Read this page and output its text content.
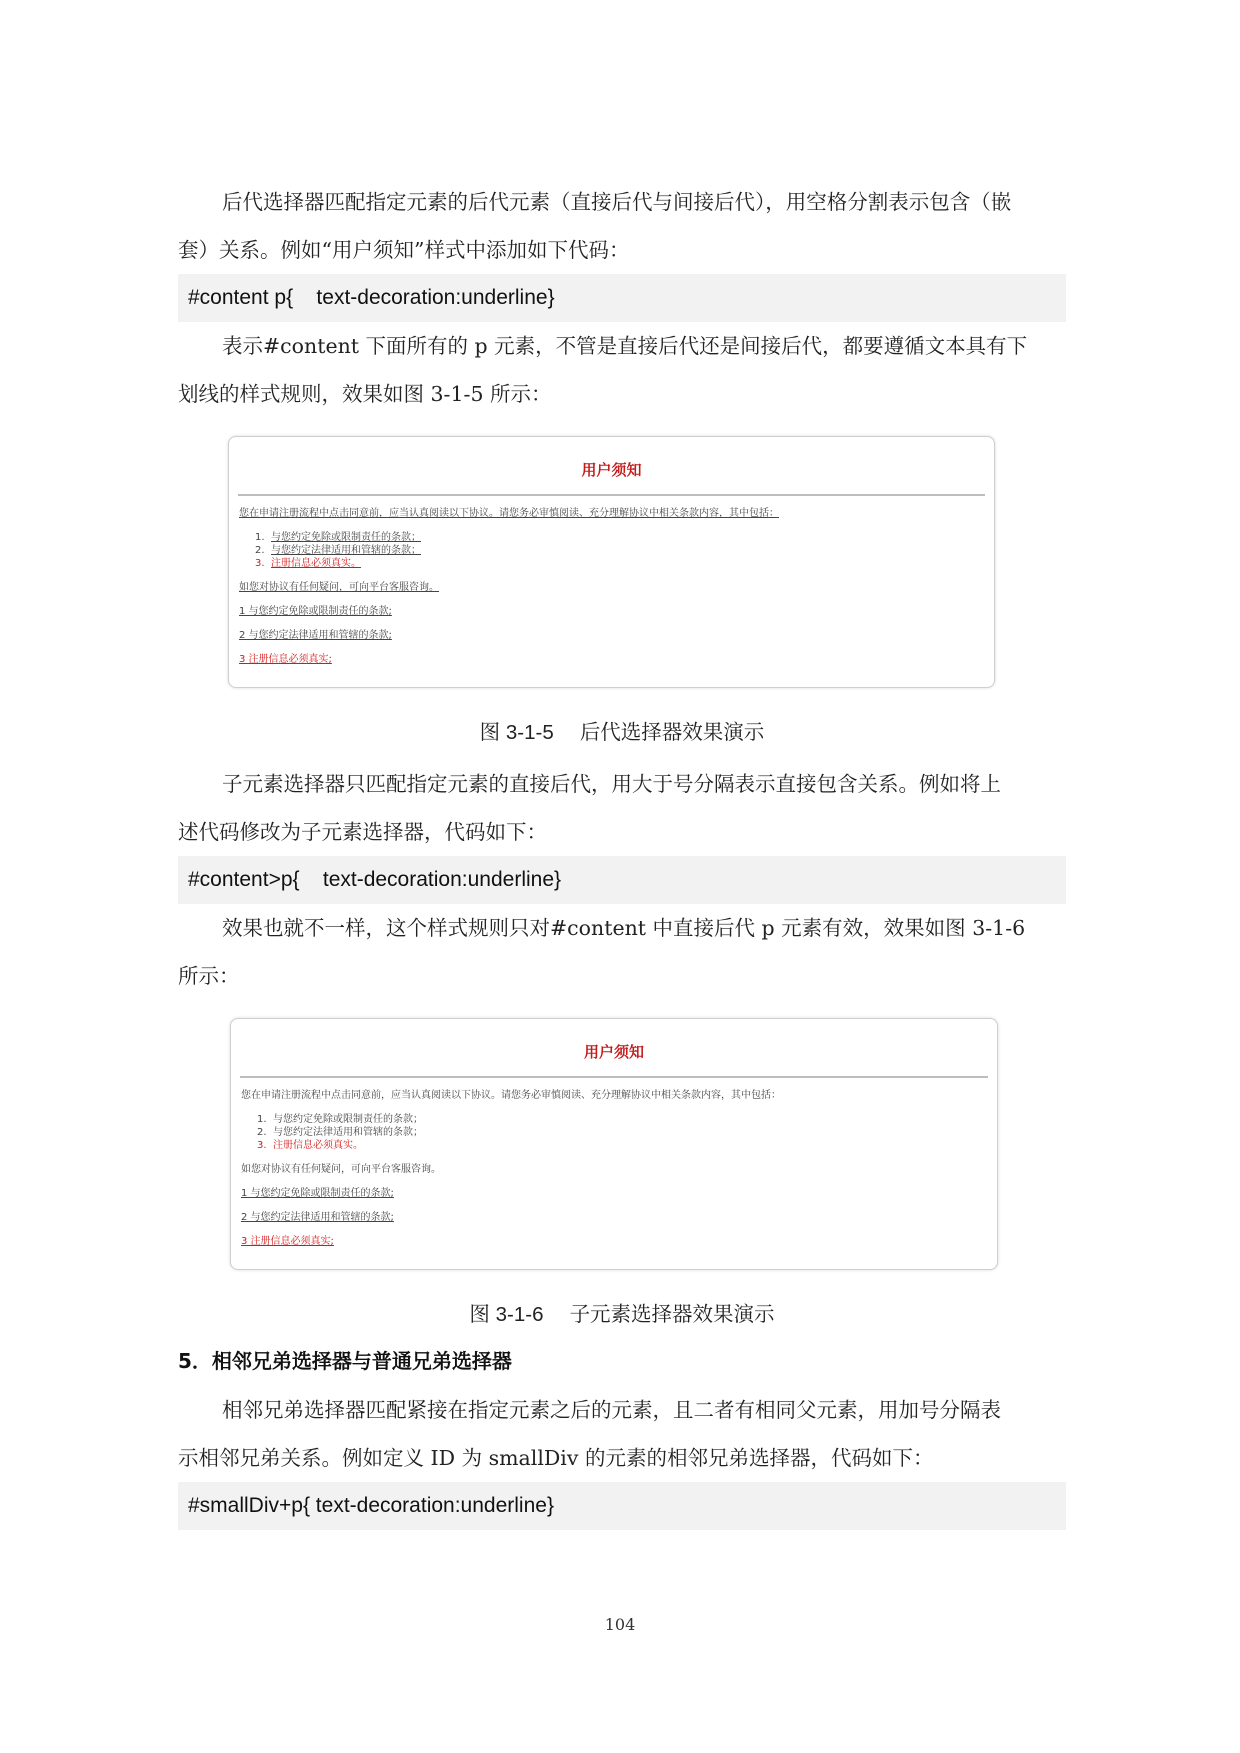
后代选择器匹配指定元素的后代元素（直接后代与间接后代），用空格分割表示包含（嵌
套）关系。例如“用户须知”样式中添加如下代码：

#content p{    text-decoration:underline}

表示#content 下面所有的 p 元素，不管是直接后代还是间接后代，都要遵循文本具有下
划线的样式规则，效果如图 3-1-5 所示：

用户须知
您在申请注册流程中点击同意前，应当认真阅读以下协议。请您务必审慎阅读、充分理解协议中相关条款内容，其中包括：
1. 与您约定免除或限制责任的条款；
2. 与您约定法律适用和管辖的条款；
3. 注册信息必须真实。
如您对协议有任何疑问，可向平台客服咨询。
1 与您约定免除或限制责任的条款;
2 与您约定法律适用和管辖的条款;
3 注册信息必须真实;
图 3-1-5 后代选择器效果演示

子元素选择器只匹配指定元素的直接后代，用大于号分隔表示直接包含关系。例如将上
述代码修改为子元素选择器，代码如下：

#content>p{    text-decoration:underline}

效果也就不一样，这个样式规则只对#content 中直接后代 p 元素有效，效果如图 3-1-6
所示：

用户须知
您在申请注册流程中点击同意前，应当认真阅读以下协议。请您务必审慎阅读、充分理解协议中相关条款内容，其中包括：
1. 与您约定免除或限制责任的条款；
2. 与您约定法律适用和管辖的条款；
3. 注册信息必须真实。
如您对协议有任何疑问，可向平台客服咨询。
1 与您约定免除或限制责任的条款;
2 与您约定法律适用和管辖的条款;
3 注册信息必须真实;
图 3-1-6 子元素选择器效果演示
5．相邻兄弟选择器与普通兄弟选择器

相邻兄弟选择器匹配紧接在指定元素之后的元素，且二者有相同父元素，用加号分隔表
示相邻兄弟关系。例如定义 ID 为 smallDiv 的元素的相邻兄弟选择器，代码如下：

#smallDiv+p{ text-decoration:underline}
104
